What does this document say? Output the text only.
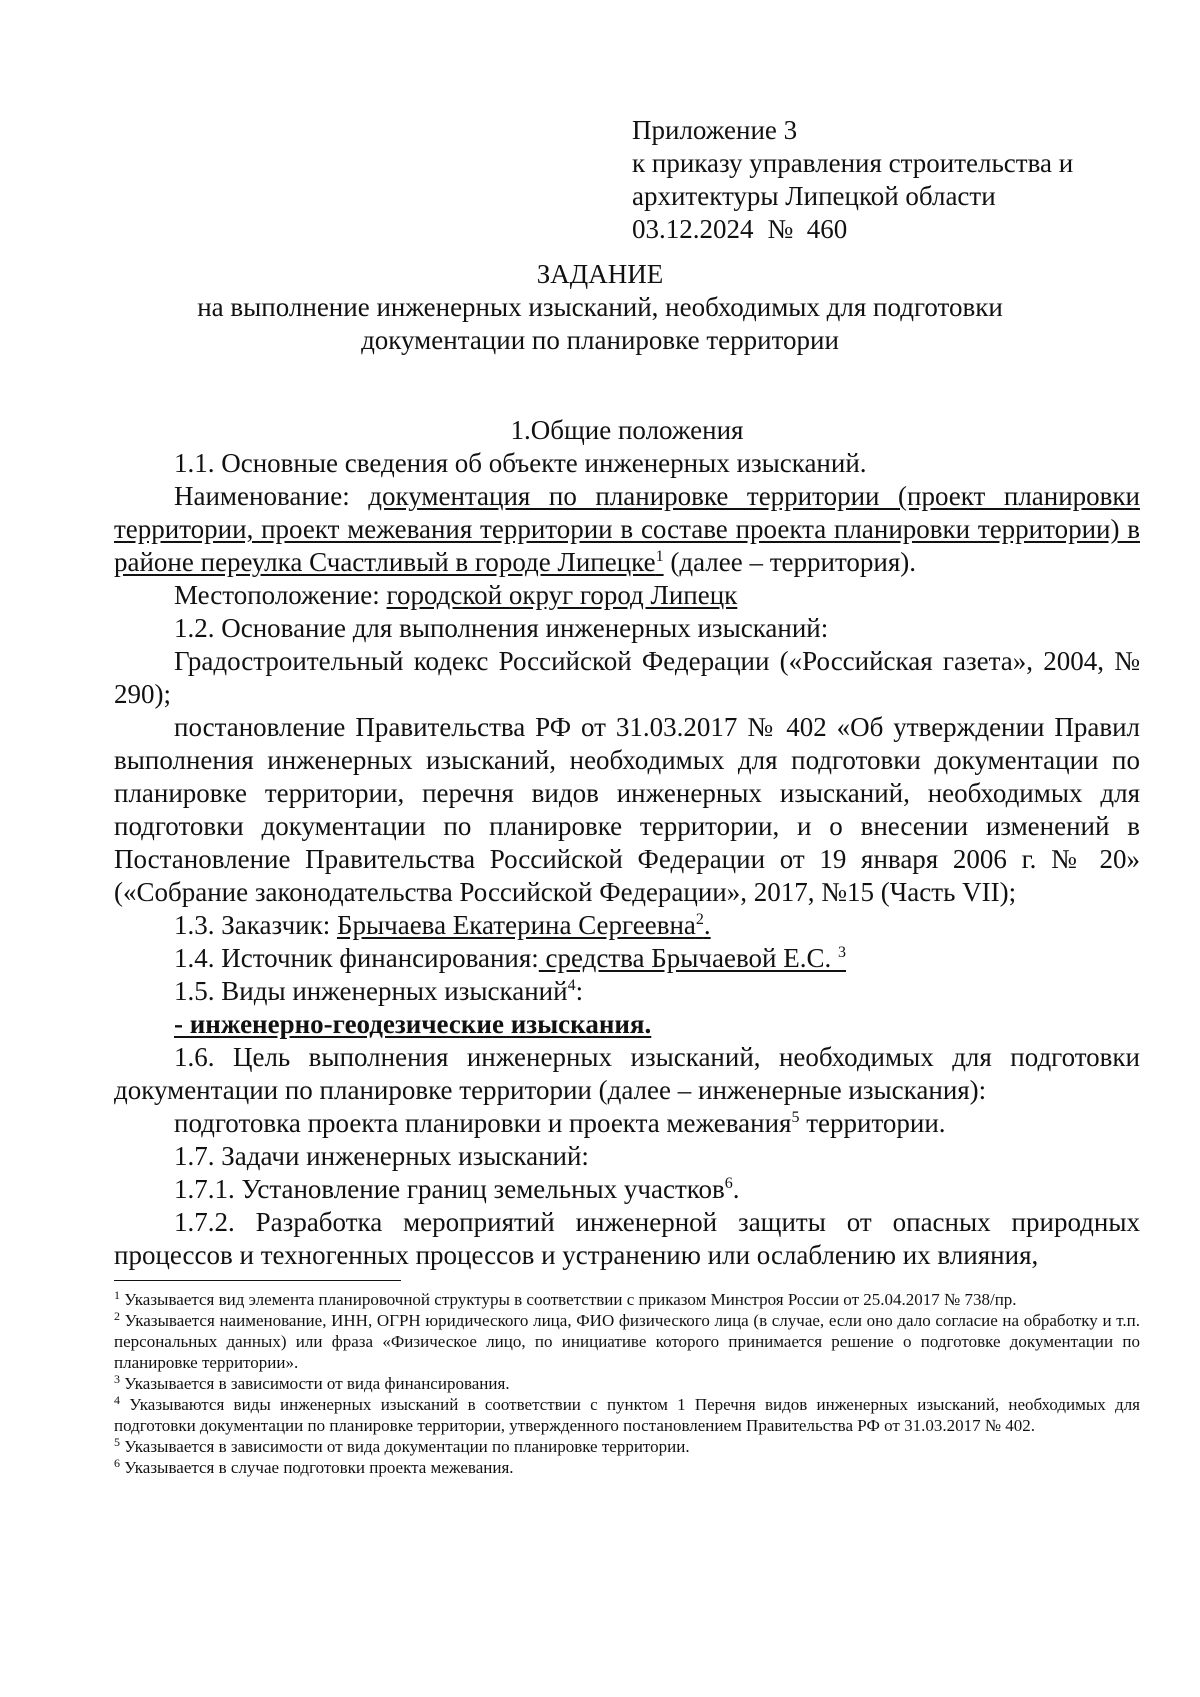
Приложение 3
к приказу управления строительства и
архитектуры Липецкой области
03.12.2024 № 460
ЗАДАНИЕ
на выполнение инженерных изысканий, необходимых для подготовки
документации по планировке территории

1.Общие положения

1.1. Основные сведения об объекте инженерных изысканий.

Наименование: документация по планировке территории (проект планировки территории, проект межевания территории в составе проекта планировки территории) в районе переулка Счастливый в городе Липецке$^1$ (далее – территория).

Местоположение: городской округ город Липецк

1.2. Основание для выполнения инженерных изысканий:

Градостроительный кодекс Российской Федерации («Российская газета», 2004, № 290);

постановление Правительства РФ от 31.03.2017 № 402 «Об утверждении Правил выполнения инженерных изысканий, необходимых для подготовки документации по планировке территории, перечня видов инженерных изысканий, необходимых для подготовки документации по планировке территории, и о внесении изменений в Постановление Правительства Российской Федерации от 19 января 2006 г. № 20» («Собрание законодательства Российской Федерации», 2017, №15 (Часть VII);

1.3. Заказчик: Брычаева Екатерина Сергеевна$^2$.

1.4. Источник финансирования: средства Брычаевой Е.С. $^3$

1.5. Виды инженерных изысканий$^4$:

- инженерно-геодезические изыскания.

1.6. Цель выполнения инженерных изысканий, необходимых для подготовки документации по планировке территории (далее – инженерные изыскания):

подготовка проекта планировки и проекта межевания$^5$ территории.

1.7. Задачи инженерных изысканий:

1.7.1. Установление границ земельных участков$^6$.

1.7.2. Разработка мероприятий инженерной защиты от опасных природных процессов и техногенных процессов и устранению или ослаблению их влияния,

$^1$ Указывается вид элемента планировочной структуры в соответствии с приказом Минстроя России от 25.04.2017 № 738/пр.

$^2$ Указывается наименование, ИНН, ОГРН юридического лица, ФИО физического лица (в случае, если оно дало согласие на обработку и т.п. персональных данных) или фраза «Физическое лицо, по инициативе которого принимается решение о подготовке документации по планировке территории».

$^3$ Указывается в зависимости от вида финансирования.

$^4$ Указываются виды инженерных изысканий в соответствии с пунктом 1 Перечня видов инженерных изысканий, необходимых для подготовки документации по планировке территории, утвержденного постановлением Правительства РФ от 31.03.2017 № 402.

$^5$ Указывается в зависимости от вида документации по планировке территории.

$^6$ Указывается в случае подготовки проекта межевания.
